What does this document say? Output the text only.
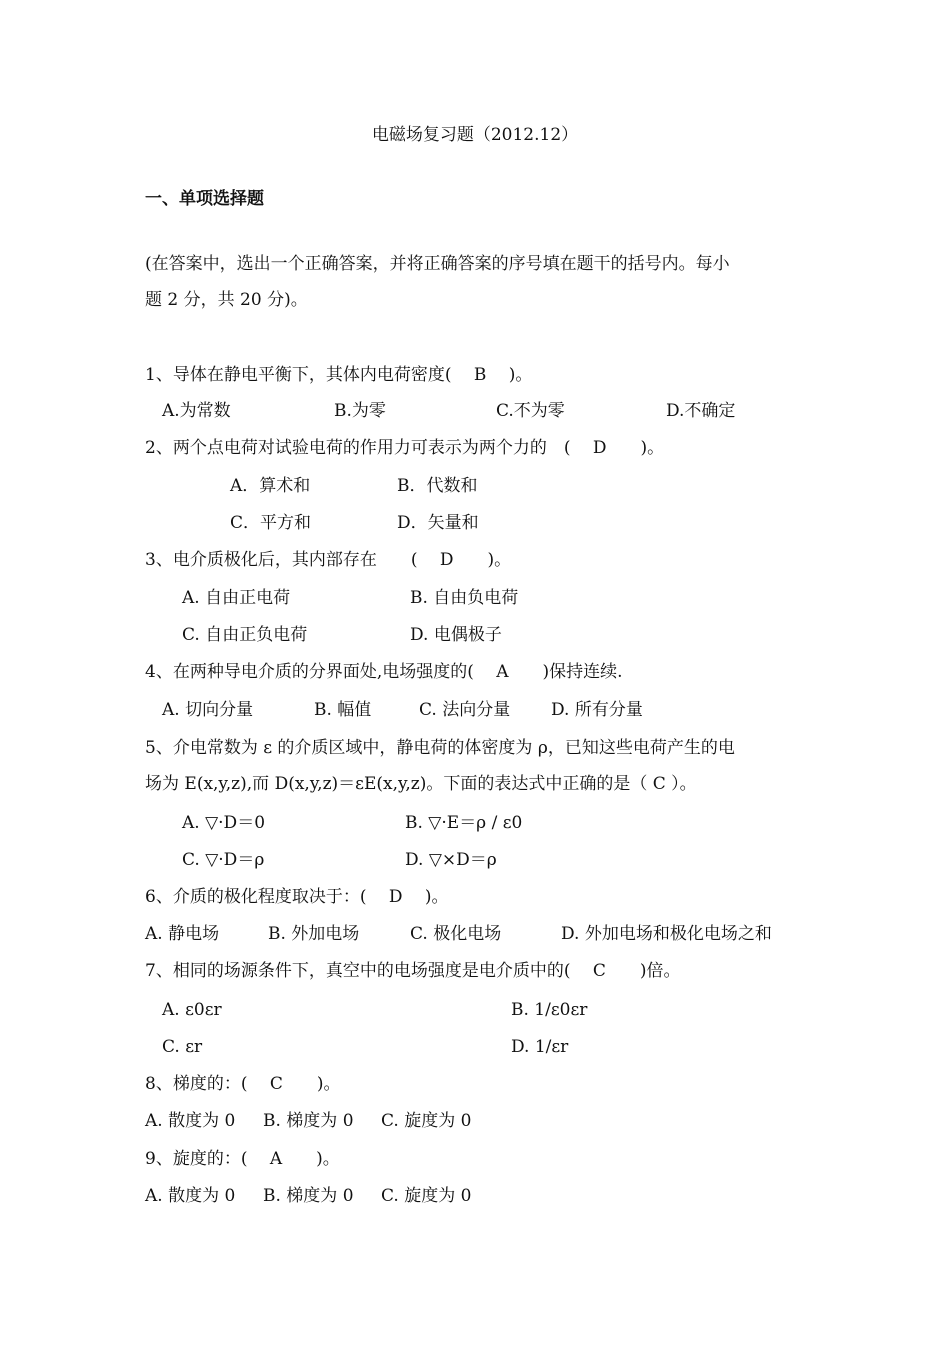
电磁场复习题（2012.12）
一、单项选择题
(在答案中，选出一个正确答案，并将正确答案的序号填在题干的括号内。每小
题 2 分，共 20 分)。
1、导体在静电平衡下，其体内电荷密度(　 B　 )。
A.为常数	B.为零	C.不为零	D.不确定
2、两个点电荷对试验电荷的作用力可表示为两个力的　(　 D　　)。
A．算术和	B．代数和
C．平方和	D．矢量和
3、电介质极化后，其内部存在　　(　 D　　)。
A. 自由正电荷	B. 自由负电荷
C. 自由正负电荷	D. 电偶极子
4、在两种导电介质的分界面处,电场强度的(　 A　　)保持连续.
A. 切向分量	B. 幅值	C. 法向分量 D. 所有分量
5、介电常数为 ε 的介质区域中，静电荷的体密度为 ρ，已知这些电荷产生的电
场为 E(x,y,z),而 D(x,y,z)＝εE(x,y,z)。下面的表达式中正确的是（ C ）。
A. ▽·D＝0	B. ▽·E＝ρ / ε0
C. ▽·D＝ρ	D. ▽×D＝ρ
6、介质的极化程度取决于：(　 D　 )。
A. 静电场	B. 外加电场	C. 极化电场	D. 外加电场和极化电场之和
7、相同的场源条件下，真空中的电场强度是电介质中的(　 C　　)倍。
A. ε0εr	B. 1/ε0εr
C. εr	D. 1/εr
8、梯度的：(　 C　　)。
A. 散度为 0 B. 梯度为 0 C. 旋度为 0
9、旋度的：(　 A　　)。
A. 散度为 0 B. 梯度为 0 C. 旋度为 0
